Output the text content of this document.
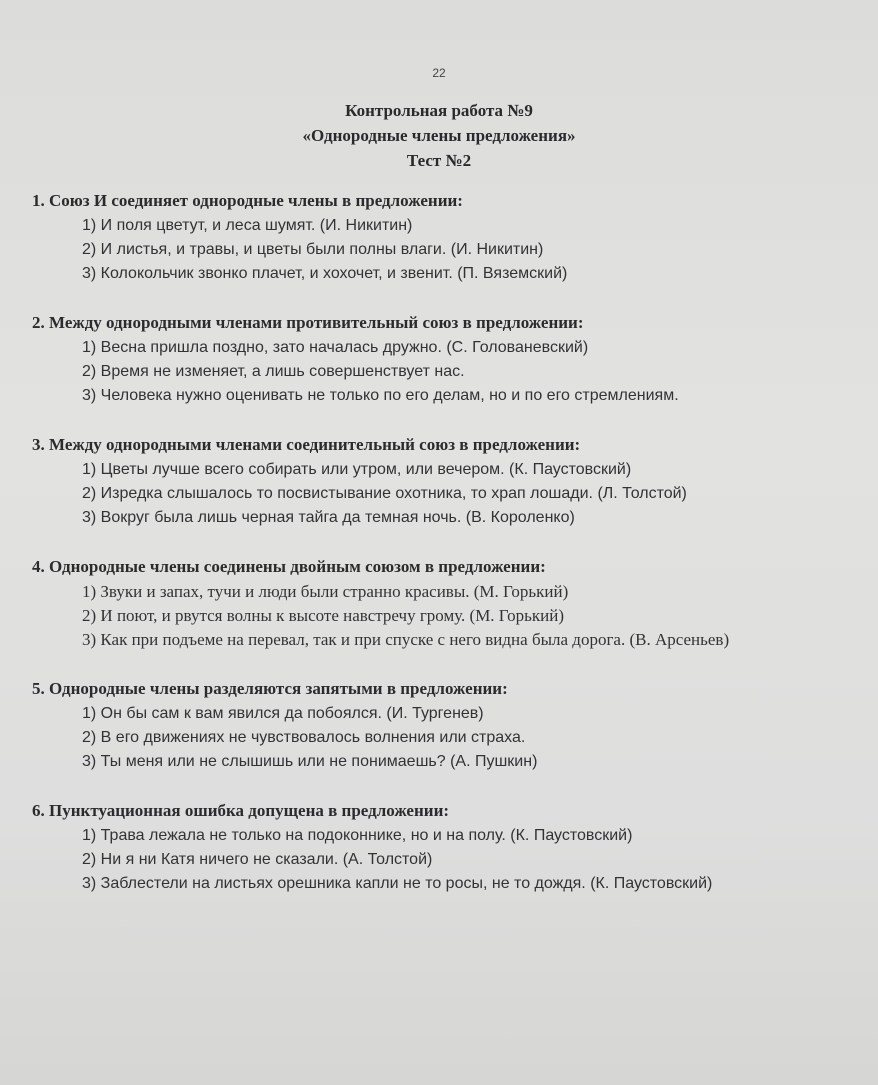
22
Контрольная работа №9
«Однородные члены предложения»
Тест №2
1. Союз И соединяет однородные члены в предложении:
1) И поля цветут, и леса шумят. (И. Никитин)
2) И листья, и травы, и цветы были полны влаги. (И. Никитин)
3) Колокольчик звонко плачет, и хохочет, и звенит. (П. Вяземский)
2. Между однородными членами противительный союз в предложении:
1) Весна пришла поздно, зато началась дружно. (С. Голованевский)
2) Время не изменяет, а лишь совершенствует нас.
3) Человека нужно оценивать не только по его делам, но и по его стремлениям.
3. Между однородными членами соединительный союз в предложении:
1) Цветы лучше всего собирать или утром, или вечером. (К. Паустовский)
2) Изредка слышалось то посвистывание охотника, то храп лошади. (Л. Толстой)
3) Вокруг была лишь черная тайга да темная ночь. (В. Короленко)
4. Однородные члены соединены двойным союзом в предложении:
1) Звуки и запах, тучи и люди были странно красивы. (М. Горький)
2) И поют, и рвутся волны к высоте навстречу грому. (М. Горький)
3) Как при подъеме на перевал, так и при спуске с него видна была дорога. (В. Арсеньев)
5. Однородные члены разделяются запятыми в предложении:
1) Он бы сам к вам явился да побоялся. (И. Тургенев)
2) В его движениях не чувствовалось волнения или страха.
3) Ты меня или не слышишь или не понимаешь? (А. Пушкин)
6. Пунктуационная ошибка допущена в предложении:
1) Трава лежала не только на подоконнике, но и на полу. (К. Паустовский)
2) Ни я ни Катя ничего не сказали. (А. Толстой)
3) Заблестели на листьях орешника капли не то росы, не то дождя. (К. Паустовский)
